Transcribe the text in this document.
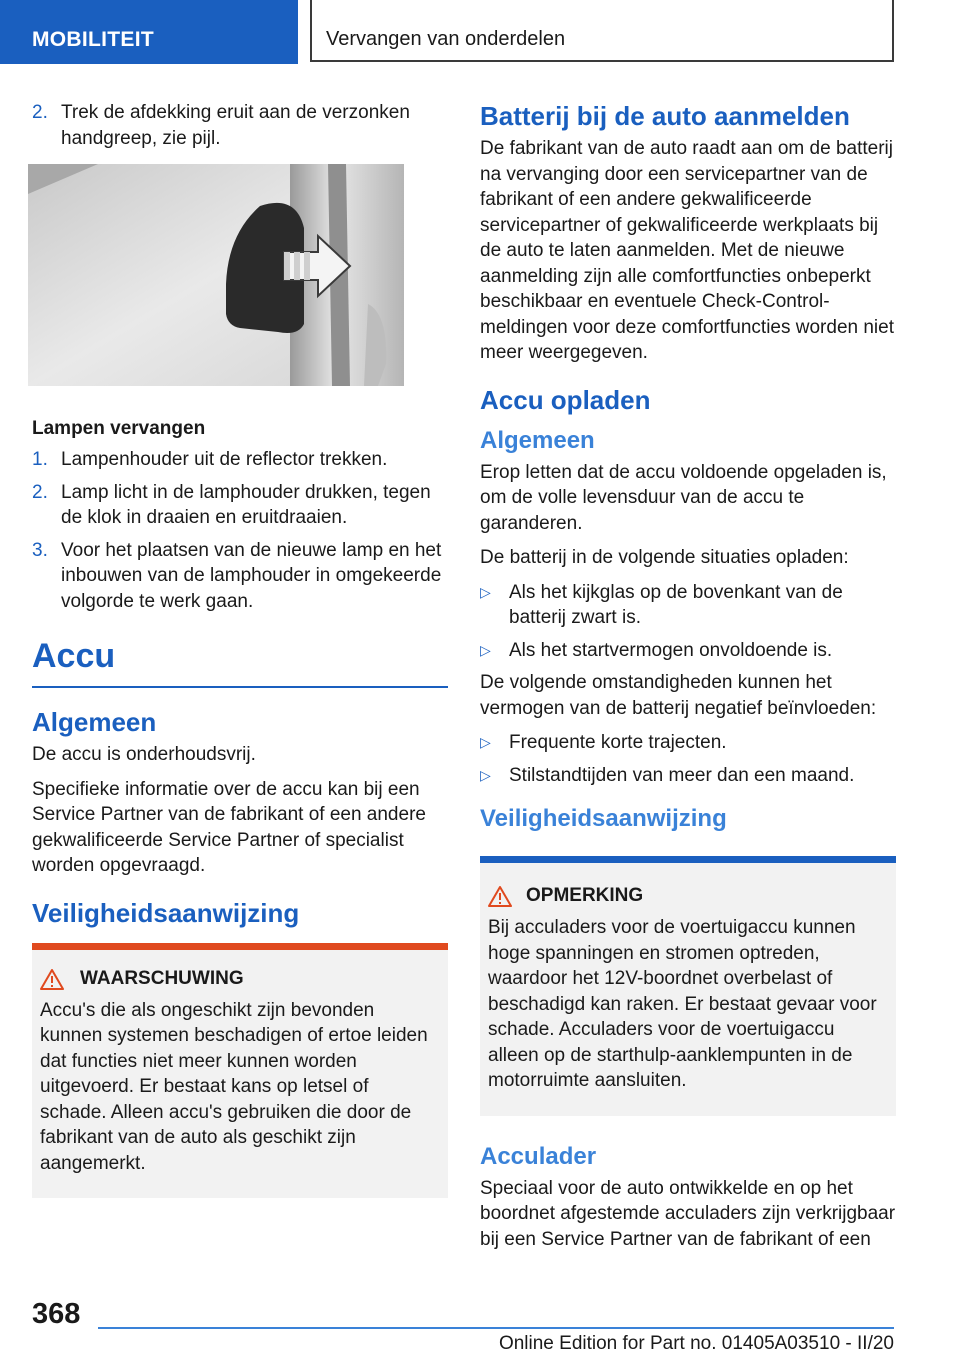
MOBILITEIT	Vervangen van onderdelen
2. Trek de afdekking eruit aan de verzonken handgreep, zie pijl.
Lampen vervangen
1. Lampenhouder uit de reflector trekken.
2. Lamp licht in de lamphouder drukken, tegen de klok in draaien en eruitdraaien.
3. Voor het plaatsen van de nieuwe lamp en het inbouwen van de lamphouder in omgekeerde volgorde te werk gaan.
Accu
Algemeen

De accu is onderhoudsvrij.

Specifieke informatie over de accu kan bij een Service Partner van de fabrikant of een andere gekwalificeerde Service Partner of specialist worden opgevraagd.

Veiligheidsaanwijzing
WAARSCHUWING
Accu's die als ongeschikt zijn bevonden kunnen systemen beschadigen of ertoe leiden dat functies niet meer kunnen worden uitgevoerd. Er bestaat kans op letsel of schade. Alleen accu's gebruiken die door de fabrikant van de auto als geschikt zijn aangemerkt.
Batterij bij de auto aanmelden

De fabrikant van de auto raadt aan om de batterij na vervanging door een servicepartner van de fabrikant of een andere gekwalificeerde servicepartner of gekwalificeerde werkplaats bij de auto te laten aanmelden. Met de nieuwe aanmelding zijn alle comfortfuncties onbeperkt beschikbaar en eventuele Check-Control-meldingen voor deze comfortfuncties worden niet meer weergegeven.

Accu opladen
Algemeen

Erop letten dat de accu voldoende opgeladen is, om de volle levensduur van de accu te garanderen.

De batterij in de volgende situaties opladen:

▷ Als het kijkglas op de bovenkant van de batterij zwart is.
▷ Als het startvermogen onvoldoende is.

De volgende omstandigheden kunnen het vermogen van de batterij negatief beïnvloeden:

▷ Frequente korte trajecten.
▷ Stilstandtijden van meer dan een maand.
Veiligheidsaanwijzing
OPMERKING
Bij acculaders voor de voertuigaccu kunnen hoge spanningen en stromen optreden, waardoor het 12V-boordnet overbelast of beschadigd kan raken. Er bestaat gevaar voor schade. Acculaders voor de voertuigaccu alleen op de starthulp-aanklempunten in de motorruimte aansluiten.
Acculader

Speciaal voor de auto ontwikkelde en op het boordnet afgestemde acculaders zijn verkrijgbaar bij een Service Partner van de fabrikant of een

368
Online Edition for Part no. 01405A03510 - II/20
